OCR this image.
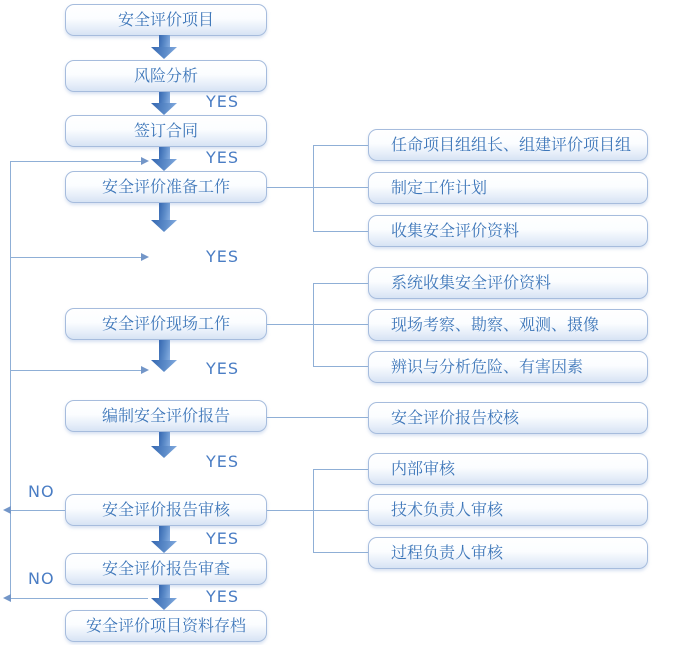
安全评价项目
风险分析
签订合同
安全评价准备工作
安全评价现场工作
编制安全评价报告
安全评价报告审核
安全评价报告审查
安全评价项目资料存档
任命项目组组长、组建评价项目组
制定工作计划
收集安全评价资料
系统收集安全评价资料
现场考察、勘察、观测、摄像
辨识与分析危险、有害因素
安全评价报告校核
内部审核
技术负责人审核
过程负责人审核
YES
YES
YES
YES
YES
YES
YES
NO
NO
